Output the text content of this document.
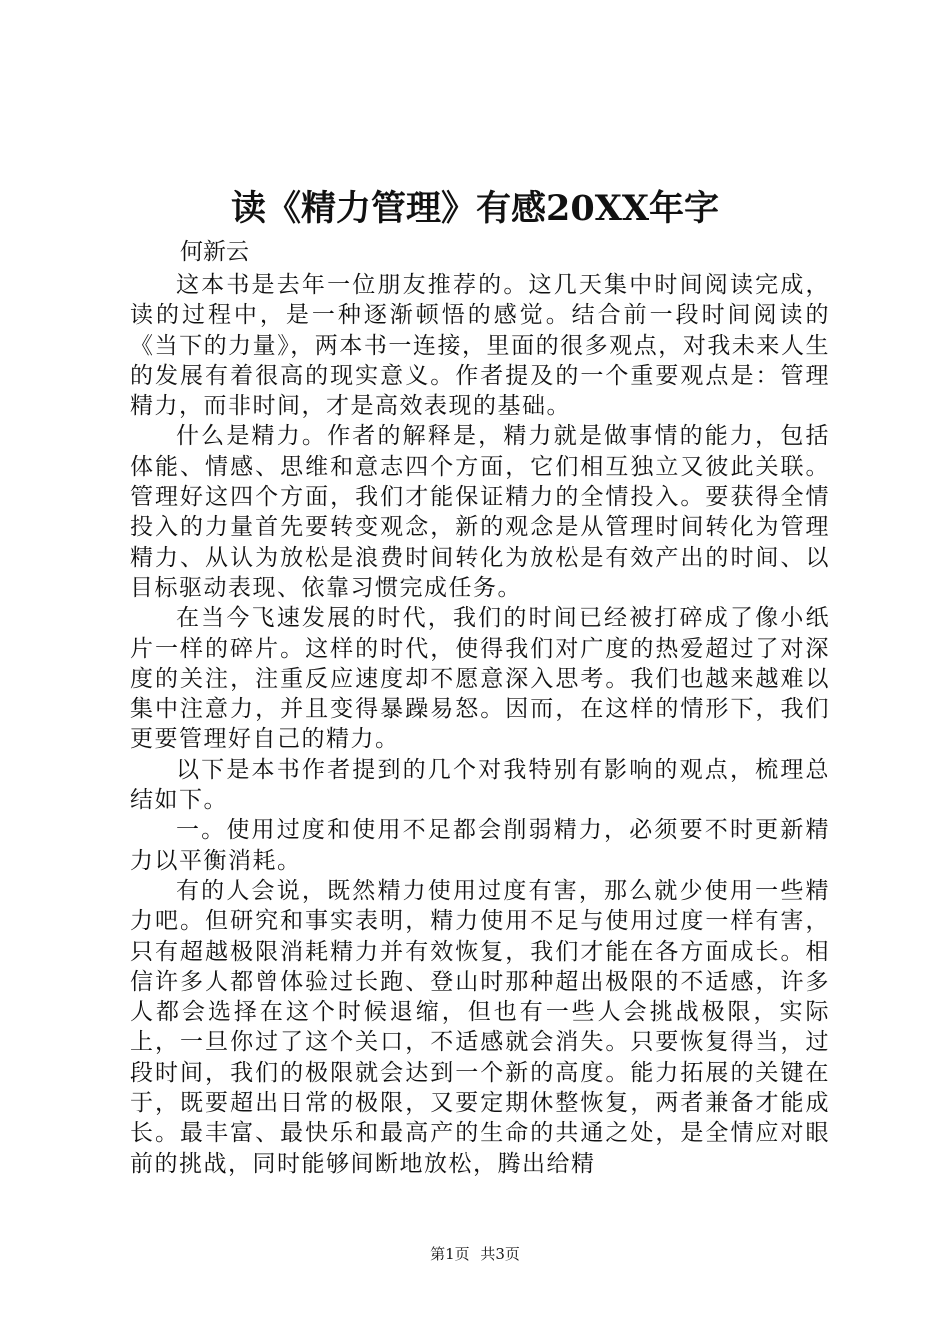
读《精力管理》有感20XX年字
何新云

这本书是去年一位朋友推荐的。这几天集中时间阅读完成，读的过程中，是一种逐渐顿悟的感觉。结合前一段时间阅读的《当下的力量》，两本书一连接，里面的很多观点，对我未来人生的发展有着很高的现实意义。作者提及的一个重要观点是：管理精力，而非时间，才是高效表现的基础。

什么是精力。作者的解释是，精力就是做事情的能力，包括体能、情感、思维和意志四个方面，它们相互独立又彼此关联。管理好这四个方面，我们才能保证精力的全情投入。要获得全情投入的力量首先要转变观念，新的观念是从管理时间转化为管理精力、从认为放松是浪费时间转化为放松是有效产出的时间、以目标驱动表现、依靠习惯完成任务。

在当今飞速发展的时代，我们的时间已经被打碎成了像小纸片一样的碎片。这样的时代，使得我们对广度的热爱超过了对深度的关注，注重反应速度却不愿意深入思考。我们也越来越难以集中注意力，并且变得暴躁易怒。因而，在这样的情形下，我们更要管理好自己的精力。

以下是本书作者提到的几个对我特别有影响的观点，梳理总结如下。

一。使用过度和使用不足都会削弱精力，必须要不时更新精力以平衡消耗。

有的人会说，既然精力使用过度有害，那么就少使用一些精力吧。但研究和事实表明，精力使用不足与使用过度一样有害，只有超越极限消耗精力并有效恢复，我们才能在各方面成长。相信许多人都曾体验过长跑、登山时那种超出极限的不适感，许多人都会选择在这个时候退缩，但也有一些人会挑战极限，实际上，一旦你过了这个关口，不适感就会消失。只要恢复得当，过段时间，我们的极限就会达到一个新的高度。能力拓展的关键在于，既要超出日常的极限，又要定期休整恢复，两者兼备才能成长。最丰富、最快乐和最高产的生命的共通之处，是全情应对眼前的挑战，同时能够间断地放松，腾出给精

第1页 共3页
